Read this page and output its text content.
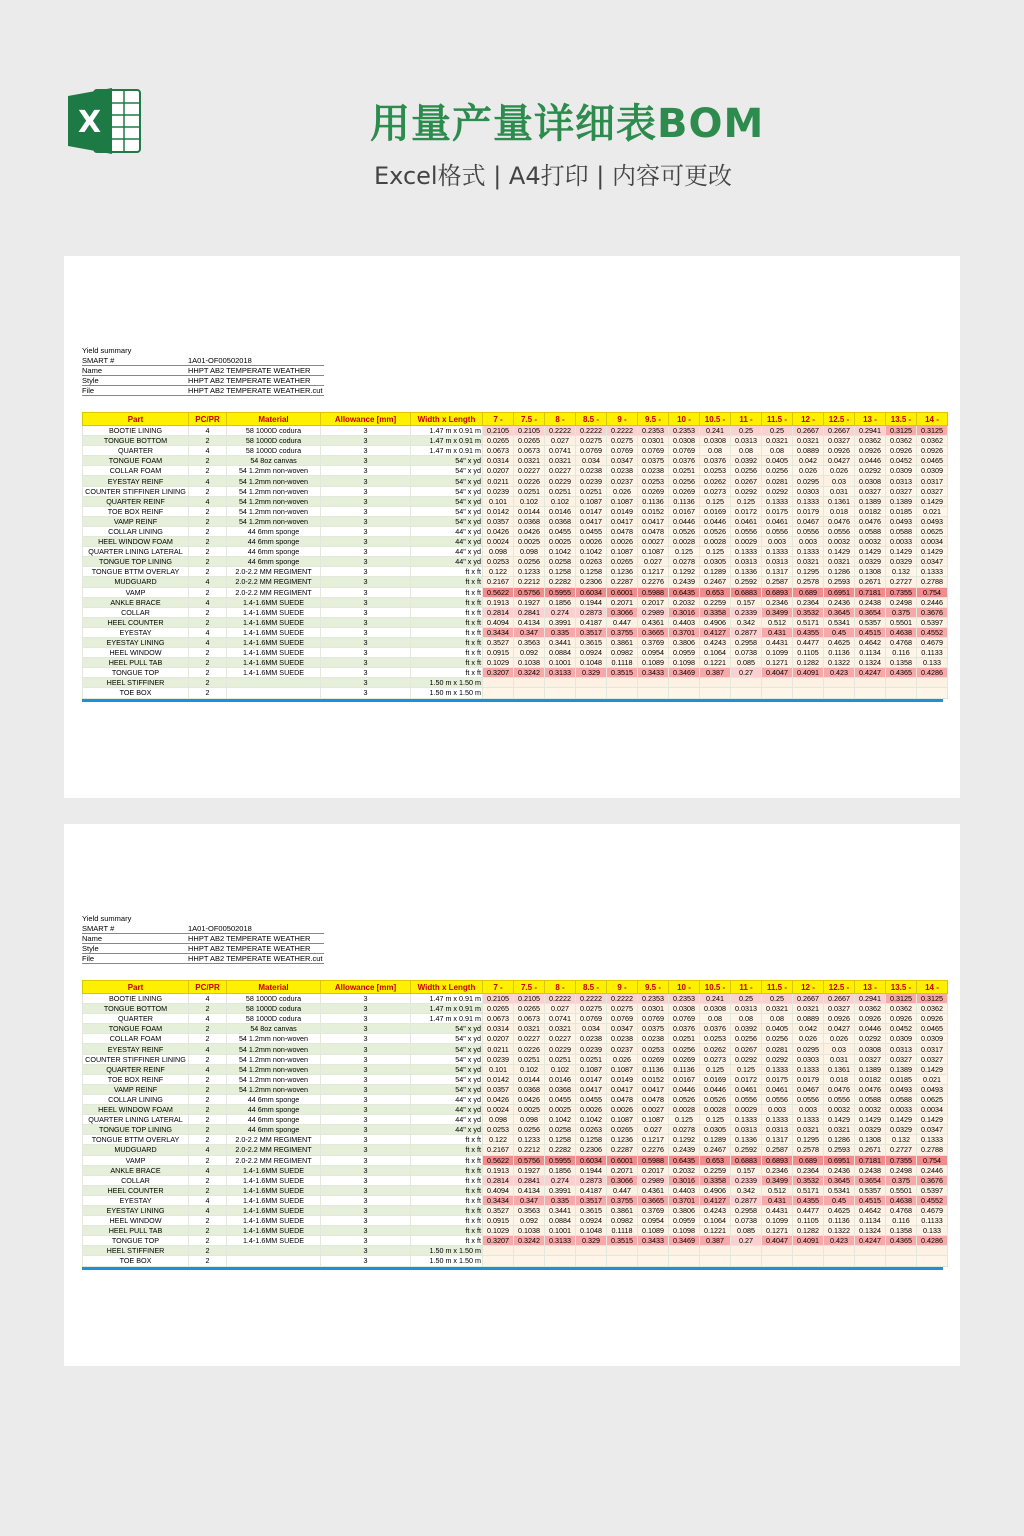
X	用量产量详细表BOM
Excel格式 | A4打印 | 内容可更改
Yield summary
SMART #	1A01-OF00502018
Name	HHPT AB2 TEMPERATE WEATHER
Style	HHPT AB2 TEMPERATE WEATHER
File	HHPT AB2 TEMPERATE WEATHER.cut
Part	PC/PR	Material	Allowance [mm]	Width x Length	7 -	7.5 -	8 -	8.5 -	9 -	9.5 -	10 -	10.5 -	11 -	11.5 -	12 -	12.5 -	13 -	13.5 -	14 -
BOOTIE LINING	4	58 1000D codura	3	1.47 m x 0.91 m	0.2105	0.2105	0.2222	0.2222	0.2222	0.2353	0.2353	0.241	0.25	0.25	0.2667	0.2667	0.2941	0.3125	0.3125
TONGUE BOTTOM	2	58 1000D codura	3	1.47 m x 0.91 m	0.0265	0.0265	0.027	0.0275	0.0275	0.0301	0.0308	0.0308	0.0313	0.0321	0.0321	0.0327	0.0362	0.0362	0.0362
QUARTER	4	58 1000D codura	3	1.47 m x 0.91 m	0.0673	0.0673	0.0741	0.0769	0.0769	0.0769	0.0769	0.08	0.08	0.08	0.0889	0.0926	0.0926	0.0926	0.0926
TONGUE FOAM	2	54 8oz canvas	3	54" x yd	0.0314	0.0321	0.0321	0.034	0.0347	0.0375	0.0376	0.0376	0.0392	0.0405	0.042	0.0427	0.0446	0.0452	0.0465
COLLAR FOAM	2	54 1.2mm non-woven	3	54" x yd	0.0207	0.0227	0.0227	0.0238	0.0238	0.0238	0.0251	0.0253	0.0256	0.0256	0.026	0.026	0.0292	0.0309	0.0309
EYESTAY REINF	4	54 1.2mm non-woven	3	54" x yd	0.0211	0.0226	0.0229	0.0239	0.0237	0.0253	0.0256	0.0262	0.0267	0.0281	0.0295	0.03	0.0308	0.0313	0.0317
COUNTER STIFFINER LINING	2	54 1.2mm non-woven	3	54" x yd	0.0239	0.0251	0.0251	0.0251	0.026	0.0269	0.0269	0.0273	0.0292	0.0292	0.0303	0.031	0.0327	0.0327	0.0327
QUARTER REINF	4	54 1.2mm non-woven	3	54" x yd	0.101	0.102	0.102	0.1087	0.1087	0.1136	0.1136	0.125	0.125	0.1333	0.1333	0.1361	0.1389	0.1389	0.1429
TOE BOX REINF	2	54 1.2mm non-woven	3	54" x yd	0.0142	0.0144	0.0146	0.0147	0.0149	0.0152	0.0167	0.0169	0.0172	0.0175	0.0179	0.018	0.0182	0.0185	0.021
VAMP REINF	2	54 1.2mm non-woven	3	54" x yd	0.0357	0.0368	0.0368	0.0417	0.0417	0.0417	0.0446	0.0446	0.0461	0.0461	0.0467	0.0476	0.0476	0.0493	0.0493
COLLAR LINING	2	44 6mm sponge	3	44" x yd	0.0426	0.0426	0.0455	0.0455	0.0478	0.0478	0.0526	0.0526	0.0556	0.0556	0.0556	0.0556	0.0588	0.0588	0.0625
HEEL WINDOW FOAM	2	44 6mm sponge	3	44" x yd	0.0024	0.0025	0.0025	0.0026	0.0026	0.0027	0.0028	0.0028	0.0029	0.003	0.003	0.0032	0.0032	0.0033	0.0034
QUARTER LINING LATERAL	2	44 6mm sponge	3	44" x yd	0.098	0.098	0.1042	0.1042	0.1087	0.1087	0.125	0.125	0.1333	0.1333	0.1333	0.1429	0.1429	0.1429	0.1429
TONGUE TOP LINING	2	44 6mm sponge	3	44" x yd	0.0253	0.0256	0.0258	0.0263	0.0265	0.027	0.0278	0.0305	0.0313	0.0313	0.0321	0.0321	0.0329	0.0329	0.0347
TONGUE BTTM OVERLAY	2	2.0-2.2 MM REGIMENT	3	ft x ft	0.122	0.1233	0.1258	0.1258	0.1236	0.1217	0.1292	0.1289	0.1336	0.1317	0.1295	0.1286	0.1308	0.132	0.1333
MUDGUARD	4	2.0-2.2 MM REGIMENT	3	ft x ft	0.2167	0.2212	0.2282	0.2306	0.2287	0.2276	0.2439	0.2467	0.2592	0.2587	0.2578	0.2593	0.2671	0.2727	0.2788
VAMP	2	2.0-2.2 MM REGIMENT	3	ft x ft	0.5622	0.5756	0.5955	0.6034	0.6001	0.5988	0.6435	0.653	0.6883	0.6893	0.689	0.6951	0.7181	0.7355	0.754
ANKLE BRACE	4	1.4-1.6MM SUEDE	3	ft x ft	0.1913	0.1927	0.1856	0.1944	0.2071	0.2017	0.2032	0.2259	0.157	0.2346	0.2364	0.2436	0.2438	0.2498	0.2446
COLLAR	2	1.4-1.6MM SUEDE	3	ft x ft	0.2814	0.2841	0.274	0.2873	0.3066	0.2989	0.3016	0.3358	0.2339	0.3499	0.3532	0.3645	0.3654	0.375	0.3676
HEEL COUNTER	2	1.4-1.6MM SUEDE	3	ft x ft	0.4094	0.4134	0.3991	0.4187	0.447	0.4361	0.4403	0.4906	0.342	0.512	0.5171	0.5341	0.5357	0.5501	0.5397
EYESTAY	4	1.4-1.6MM SUEDE	3	ft x ft	0.3434	0.347	0.335	0.3517	0.3755	0.3665	0.3701	0.4127	0.2877	0.431	0.4355	0.45	0.4515	0.4638	0.4552
EYESTAY LINING	4	1.4-1.6MM SUEDE	3	ft x ft	0.3527	0.3563	0.3441	0.3615	0.3861	0.3769	0.3806	0.4243	0.2958	0.4431	0.4477	0.4625	0.4642	0.4768	0.4679
HEEL WINDOW	2	1.4-1.6MM SUEDE	3	ft x ft	0.0915	0.092	0.0884	0.0924	0.0982	0.0954	0.0959	0.1064	0.0738	0.1099	0.1105	0.1136	0.1134	0.116	0.1133
HEEL PULL TAB	2	1.4-1.6MM SUEDE	3	ft x ft	0.1029	0.1038	0.1001	0.1048	0.1118	0.1089	0.1098	0.1221	0.085	0.1271	0.1282	0.1322	0.1324	0.1358	0.133
TONGUE TOP	2	1.4-1.6MM SUEDE	3	ft x ft	0.3207	0.3242	0.3133	0.329	0.3515	0.3433	0.3469	0.387	0.27	0.4047	0.4091	0.423	0.4247	0.4365	0.4286
HEEL STIFFINER	2		3	1.50 m x 1.50 m															
TOE BOX	2		3	1.50 m x 1.50 m															
Yield summary
SMART #	1A01-OF00502018
Name	HHPT AB2 TEMPERATE WEATHER
Style	HHPT AB2 TEMPERATE WEATHER
File	HHPT AB2 TEMPERATE WEATHER.cut
Part	PC/PR	Material	Allowance [mm]	Width x Length	7 -	7.5 -	8 -	8.5 -	9 -	9.5 -	10 -	10.5 -	11 -	11.5 -	12 -	12.5 -	13 -	13.5 -	14 -
BOOTIE LINING	4	58 1000D codura	3	1.47 m x 0.91 m	0.2105	0.2105	0.2222	0.2222	0.2222	0.2353	0.2353	0.241	0.25	0.25	0.2667	0.2667	0.2941	0.3125	0.3125
TONGUE BOTTOM	2	58 1000D codura	3	1.47 m x 0.91 m	0.0265	0.0265	0.027	0.0275	0.0275	0.0301	0.0308	0.0308	0.0313	0.0321	0.0321	0.0327	0.0362	0.0362	0.0362
QUARTER	4	58 1000D codura	3	1.47 m x 0.91 m	0.0673	0.0673	0.0741	0.0769	0.0769	0.0769	0.0769	0.08	0.08	0.08	0.0889	0.0926	0.0926	0.0926	0.0926
TONGUE FOAM	2	54 8oz canvas	3	54" x yd	0.0314	0.0321	0.0321	0.034	0.0347	0.0375	0.0376	0.0376	0.0392	0.0405	0.042	0.0427	0.0446	0.0452	0.0465
COLLAR FOAM	2	54 1.2mm non-woven	3	54" x yd	0.0207	0.0227	0.0227	0.0238	0.0238	0.0238	0.0251	0.0253	0.0256	0.0256	0.026	0.026	0.0292	0.0309	0.0309
EYESTAY REINF	4	54 1.2mm non-woven	3	54" x yd	0.0211	0.0226	0.0229	0.0239	0.0237	0.0253	0.0256	0.0262	0.0267	0.0281	0.0295	0.03	0.0308	0.0313	0.0317
COUNTER STIFFINER LINING	2	54 1.2mm non-woven	3	54" x yd	0.0239	0.0251	0.0251	0.0251	0.026	0.0269	0.0269	0.0273	0.0292	0.0292	0.0303	0.031	0.0327	0.0327	0.0327
QUARTER REINF	4	54 1.2mm non-woven	3	54" x yd	0.101	0.102	0.102	0.1087	0.1087	0.1136	0.1136	0.125	0.125	0.1333	0.1333	0.1361	0.1389	0.1389	0.1429
TOE BOX REINF	2	54 1.2mm non-woven	3	54" x yd	0.0142	0.0144	0.0146	0.0147	0.0149	0.0152	0.0167	0.0169	0.0172	0.0175	0.0179	0.018	0.0182	0.0185	0.021
VAMP REINF	2	54 1.2mm non-woven	3	54" x yd	0.0357	0.0368	0.0368	0.0417	0.0417	0.0417	0.0446	0.0446	0.0461	0.0461	0.0467	0.0476	0.0476	0.0493	0.0493
COLLAR LINING	2	44 6mm sponge	3	44" x yd	0.0426	0.0426	0.0455	0.0455	0.0478	0.0478	0.0526	0.0526	0.0556	0.0556	0.0556	0.0556	0.0588	0.0588	0.0625
HEEL WINDOW FOAM	2	44 6mm sponge	3	44" x yd	0.0024	0.0025	0.0025	0.0026	0.0026	0.0027	0.0028	0.0028	0.0029	0.003	0.003	0.0032	0.0032	0.0033	0.0034
QUARTER LINING LATERAL	2	44 6mm sponge	3	44" x yd	0.098	0.098	0.1042	0.1042	0.1087	0.1087	0.125	0.125	0.1333	0.1333	0.1333	0.1429	0.1429	0.1429	0.1429
TONGUE TOP LINING	2	44 6mm sponge	3	44" x yd	0.0253	0.0256	0.0258	0.0263	0.0265	0.027	0.0278	0.0305	0.0313	0.0313	0.0321	0.0321	0.0329	0.0329	0.0347
TONGUE BTTM OVERLAY	2	2.0-2.2 MM REGIMENT	3	ft x ft	0.122	0.1233	0.1258	0.1258	0.1236	0.1217	0.1292	0.1289	0.1336	0.1317	0.1295	0.1286	0.1308	0.132	0.1333
MUDGUARD	4	2.0-2.2 MM REGIMENT	3	ft x ft	0.2167	0.2212	0.2282	0.2306	0.2287	0.2276	0.2439	0.2467	0.2592	0.2587	0.2578	0.2593	0.2671	0.2727	0.2788
VAMP	2	2.0-2.2 MM REGIMENT	3	ft x ft	0.5622	0.5756	0.5955	0.6034	0.6001	0.5988	0.6435	0.653	0.6883	0.6893	0.689	0.6951	0.7181	0.7355	0.754
ANKLE BRACE	4	1.4-1.6MM SUEDE	3	ft x ft	0.1913	0.1927	0.1856	0.1944	0.2071	0.2017	0.2032	0.2259	0.157	0.2346	0.2364	0.2436	0.2438	0.2498	0.2446
COLLAR	2	1.4-1.6MM SUEDE	3	ft x ft	0.2814	0.2841	0.274	0.2873	0.3066	0.2989	0.3016	0.3358	0.2339	0.3499	0.3532	0.3645	0.3654	0.375	0.3676
HEEL COUNTER	2	1.4-1.6MM SUEDE	3	ft x ft	0.4094	0.4134	0.3991	0.4187	0.447	0.4361	0.4403	0.4906	0.342	0.512	0.5171	0.5341	0.5357	0.5501	0.5397
EYESTAY	4	1.4-1.6MM SUEDE	3	ft x ft	0.3434	0.347	0.335	0.3517	0.3755	0.3665	0.3701	0.4127	0.2877	0.431	0.4355	0.45	0.4515	0.4638	0.4552
EYESTAY LINING	4	1.4-1.6MM SUEDE	3	ft x ft	0.3527	0.3563	0.3441	0.3615	0.3861	0.3769	0.3806	0.4243	0.2958	0.4431	0.4477	0.4625	0.4642	0.4768	0.4679
HEEL WINDOW	2	1.4-1.6MM SUEDE	3	ft x ft	0.0915	0.092	0.0884	0.0924	0.0982	0.0954	0.0959	0.1064	0.0738	0.1099	0.1105	0.1136	0.1134	0.116	0.1133
HEEL PULL TAB	2	1.4-1.6MM SUEDE	3	ft x ft	0.1029	0.1038	0.1001	0.1048	0.1118	0.1089	0.1098	0.1221	0.085	0.1271	0.1282	0.1322	0.1324	0.1358	0.133
TONGUE TOP	2	1.4-1.6MM SUEDE	3	ft x ft	0.3207	0.3242	0.3133	0.329	0.3515	0.3433	0.3469	0.387	0.27	0.4047	0.4091	0.423	0.4247	0.4365	0.4286
HEEL STIFFINER	2		3	1.50 m x 1.50 m															
TOE BOX	2		3	1.50 m x 1.50 m															
